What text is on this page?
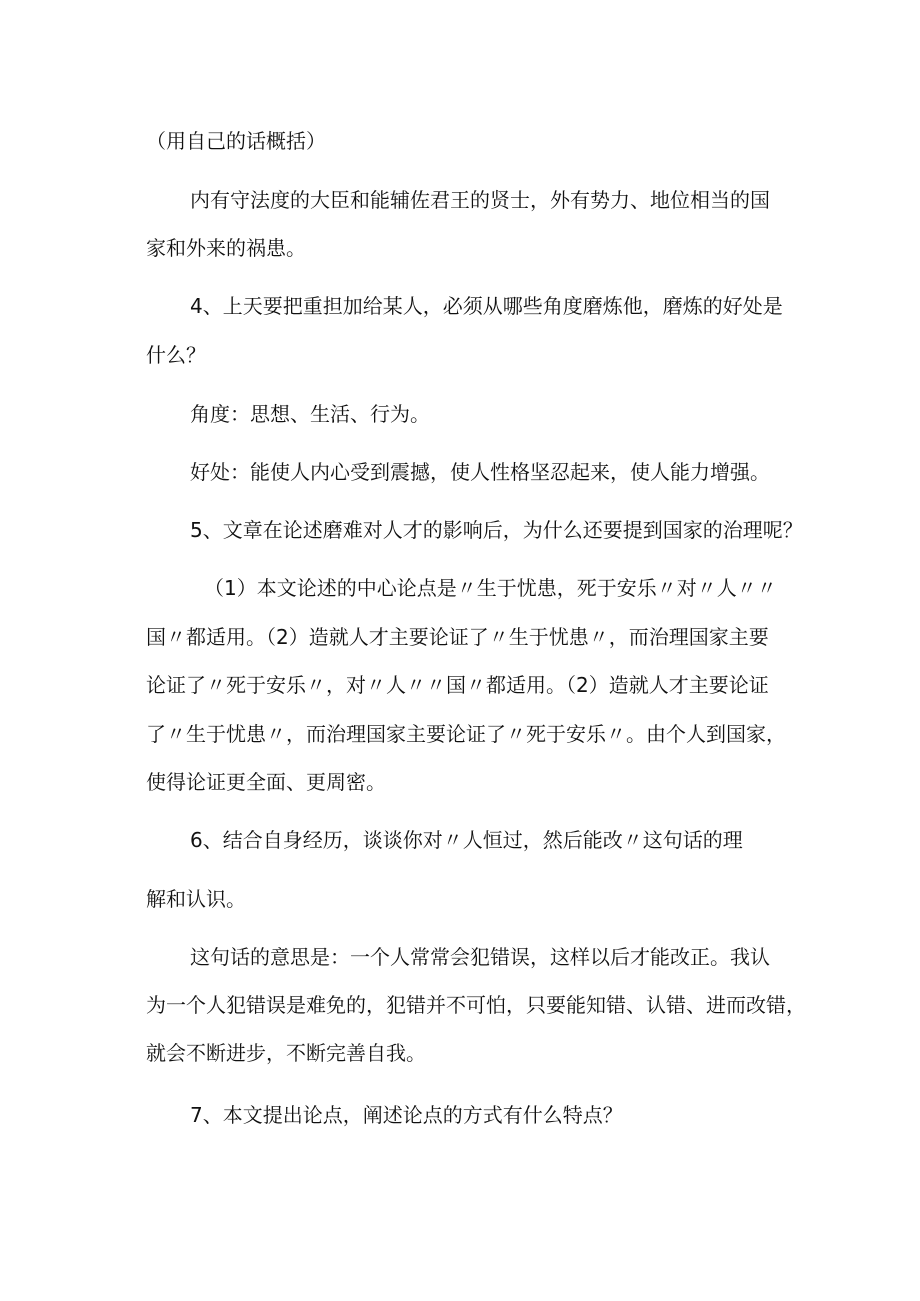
（用自己的话概括）

内有守法度的大臣和能辅佐君王的贤士，外有势力、地位相当的国

家和外来的祸患。

4、上天要把重担加给某人，必须从哪些角度磨炼他，磨炼的好处是

什么？

角度：思想、生活、行为。

好处：能使人内心受到震撼，使人性格坚忍起来，使人能力增强。

5、文章在论述磨难对人才的影响后，为什么还要提到国家的治理呢？

（1）本文论述的中心论点是〃生于忧患，死于安乐〃对〃人〃〃

国〃都适用。（2）造就人才主要论证了〃生于忧患〃，而治理国家主要

论证了〃死于安乐〃，对〃人〃〃国〃都适用。（2）造就人才主要论证

了〃生于忧患〃，而治理国家主要论证了〃死于安乐〃。由个人到国家，

使得论证更全面、更周密。

6、结合自身经历，谈谈你对〃人恒过，然后能改〃这句话的理

解和认识。

这句话的意思是：一个人常常会犯错误，这样以后才能改正。我认

为一个人犯错误是难免的，犯错并不可怕，只要能知错、认错、进而改错，

就会不断进步，不断完善自我。

7、本文提出论点，阐述论点的方式有什么特点？
